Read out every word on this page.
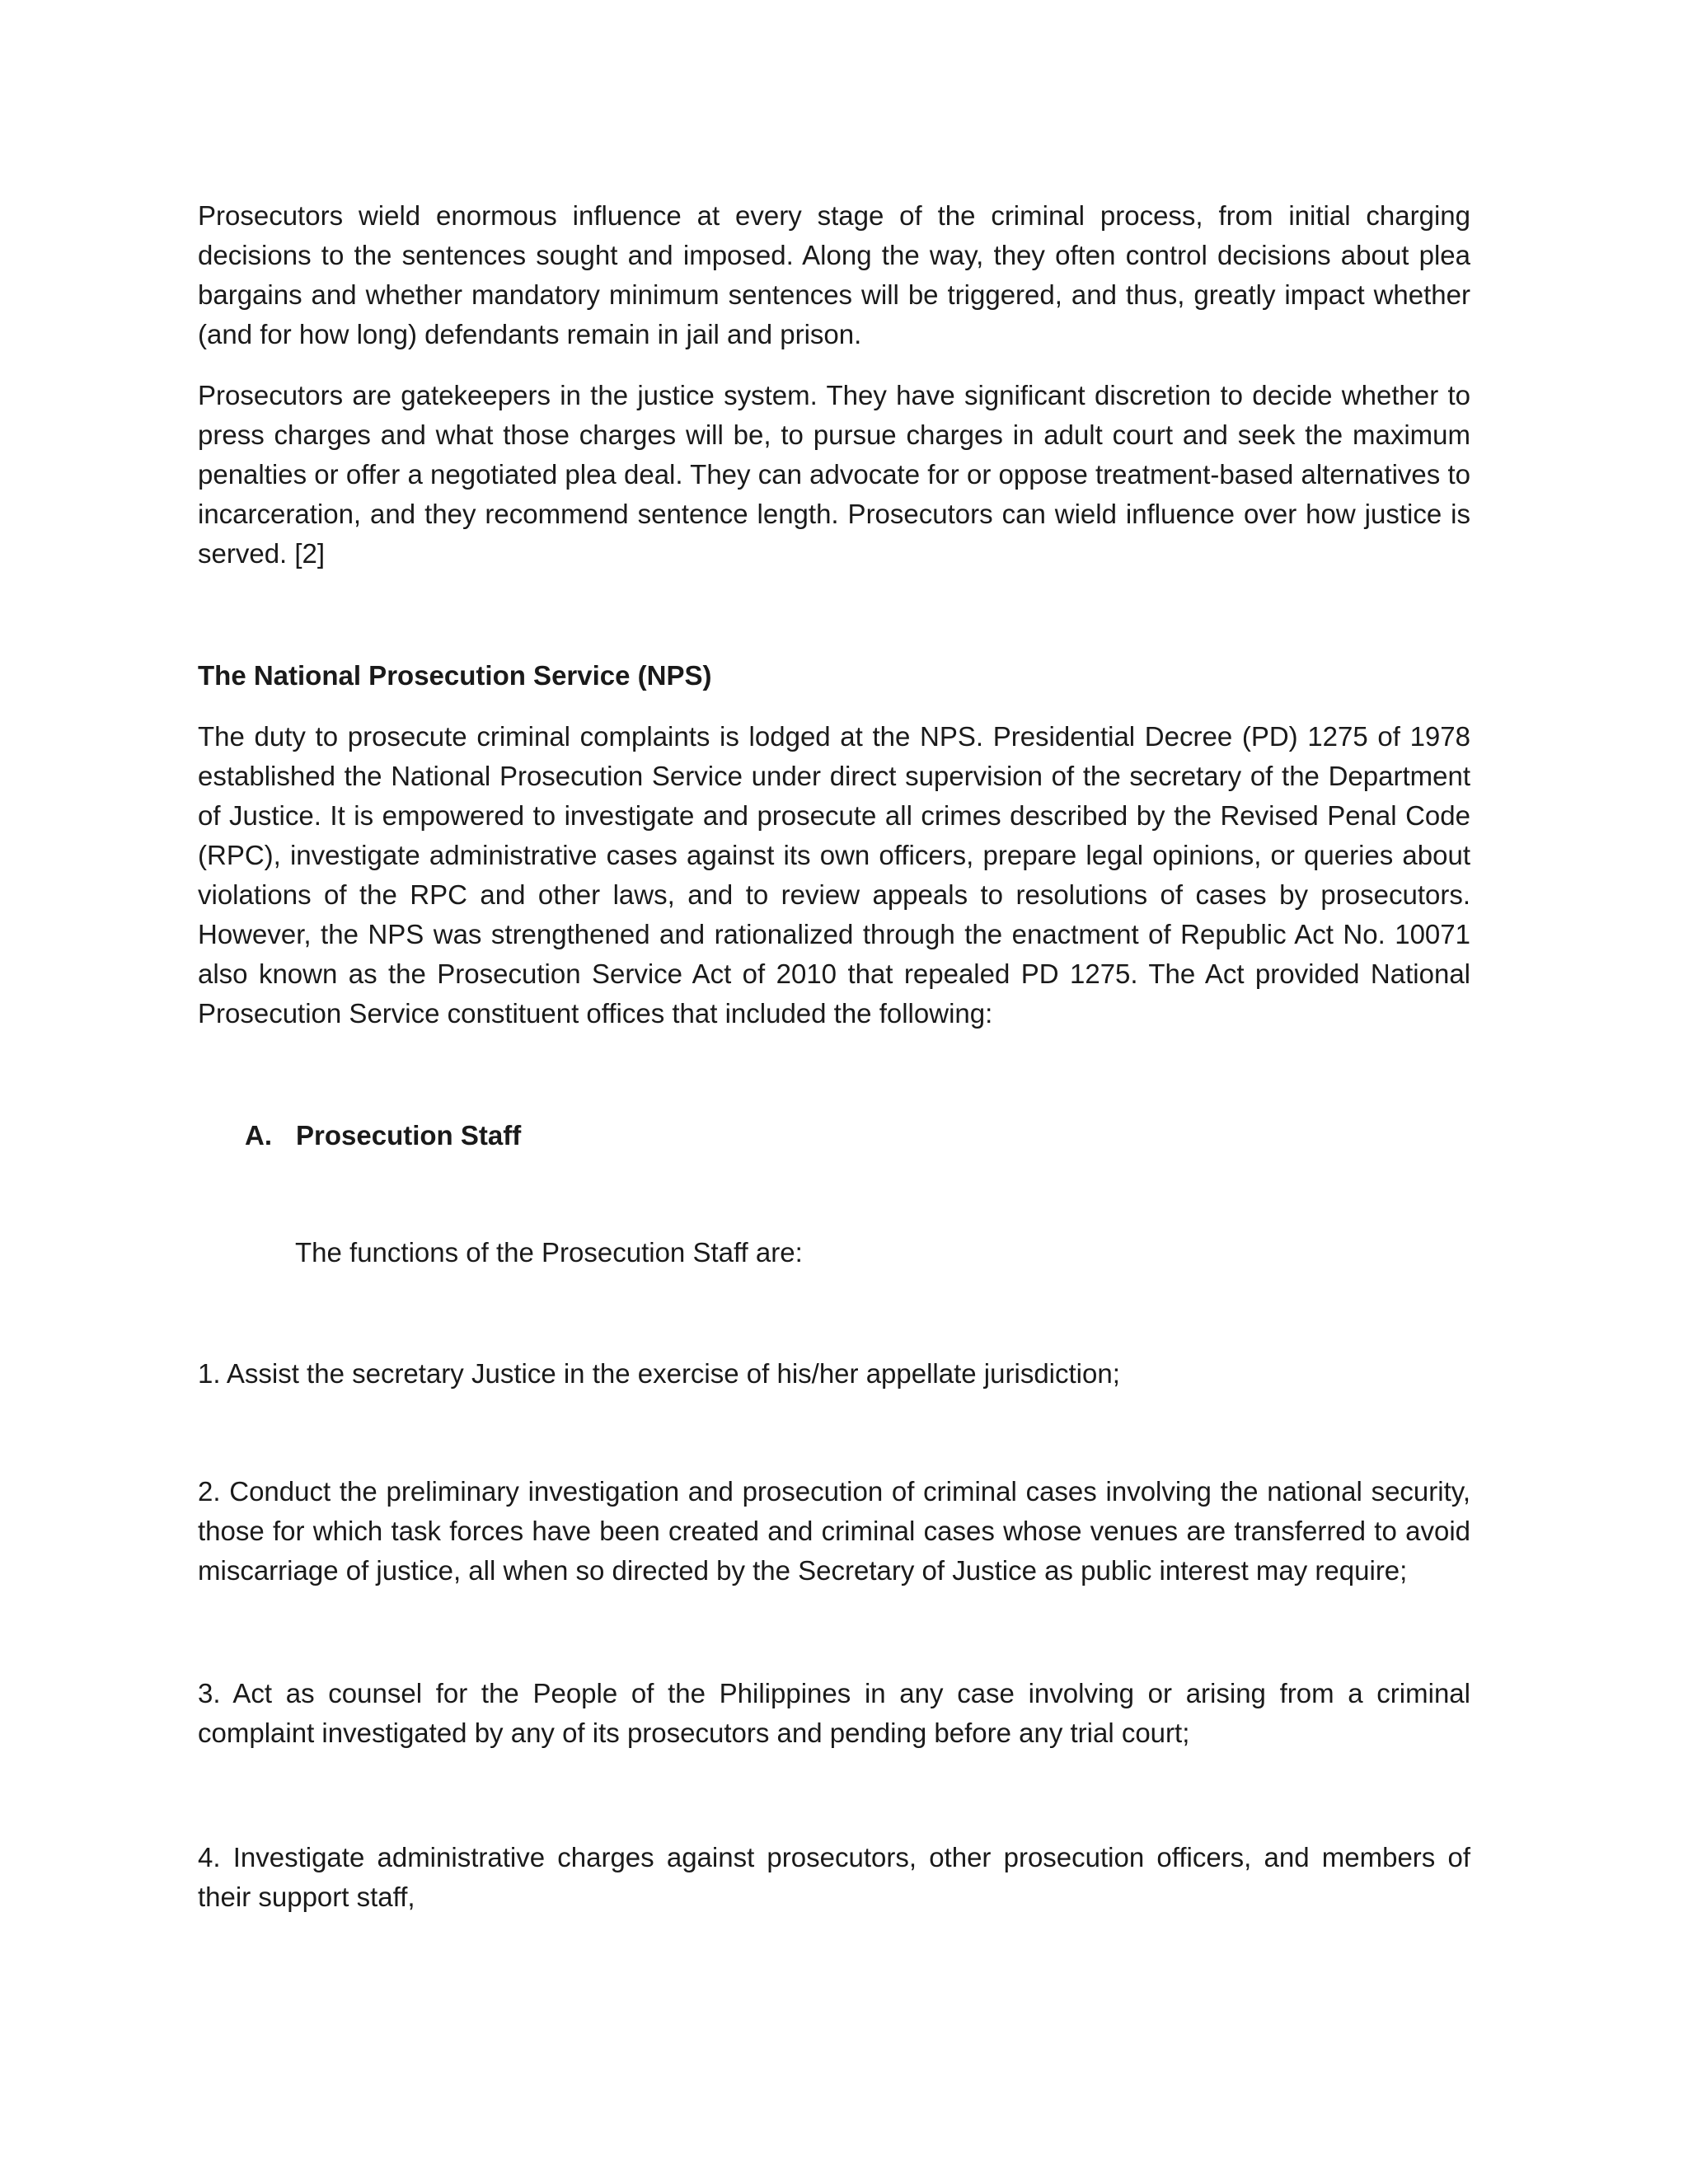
Prosecutors wield enormous influence at every stage of the criminal process, from initial charging decisions to the sentences sought and imposed. Along the way, they often control decisions about plea bargains and whether mandatory minimum sentences will be triggered, and thus, greatly impact whether (and for how long) defendants remain in jail and prison.

Prosecutors are gatekeepers in the justice system. They have significant discretion to decide whether to press charges and what those charges will be, to pursue charges in adult court and seek the maximum penalties or offer a negotiated plea deal. They can advocate for or oppose treatment-based alternatives to incarceration, and they recommend sentence length. Prosecutors can wield influence over how justice is served. [2]

The National Prosecution Service (NPS)

The duty to prosecute criminal complaints is lodged at the NPS. Presidential Decree (PD) 1275 of 1978 established the National Prosecution Service under direct supervision of the secretary of the Department of Justice. It is empowered to investigate and prosecute all crimes described by the Revised Penal Code (RPC), investigate administrative cases against its own officers, prepare legal opinions, or queries about violations of the RPC and other laws, and to review appeals to resolutions of cases by prosecutors. However, the NPS was strengthened and rationalized through the enactment of Republic Act No. 10071 also known as the Prosecution Service Act of 2010 that repealed PD 1275. The Act provided National Prosecution Service constituent offices that included the following:

A. Prosecution Staff

The functions of the Prosecution Staff are:

1. Assist the secretary Justice in the exercise of his/her appellate jurisdiction;

2. Conduct the preliminary investigation and prosecution of criminal cases involving the national security, those for which task forces have been created and criminal cases whose venues are transferred to avoid miscarriage of justice, all when so directed by the Secretary of Justice as public interest may require;

3. Act as counsel for the People of the Philippines in any case involving or arising from a criminal complaint investigated by any of its prosecutors and pending before any trial court;

4. Investigate administrative charges against prosecutors, other prosecution officers, and members of their support staff,
